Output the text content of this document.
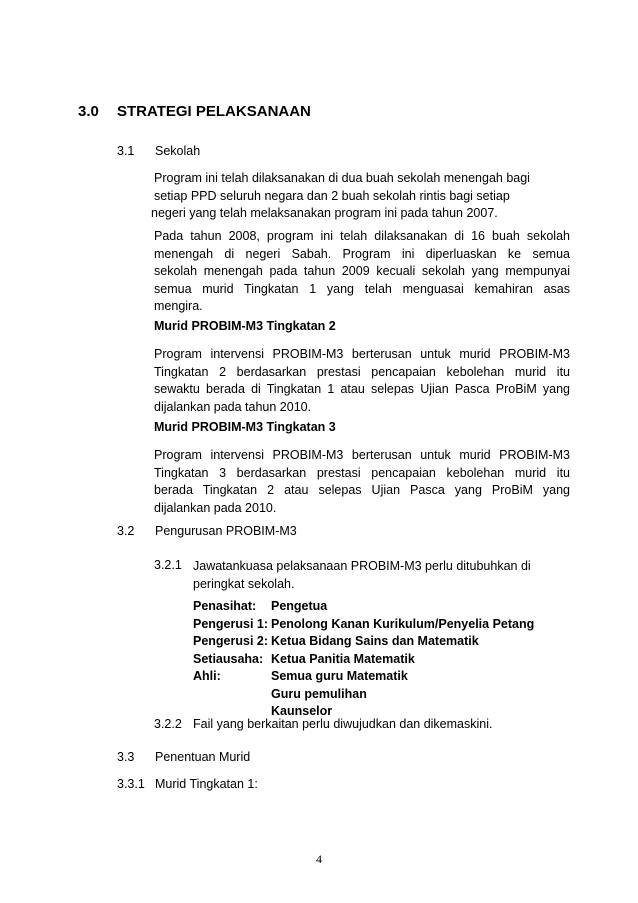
3.0 STRATEGI PELAKSANAAN
3.1 Sekolah
Program ini telah dilaksanakan di dua buah sekolah menengah bagi
setiap PPD seluruh negara dan 2 buah sekolah rintis bagi setiap
negeri yang telah melaksanakan program ini pada tahun 2007.
Pada tahun 2008, program ini telah dilaksanakan di 16 buah sekolah
menengah di negeri Sabah. Program ini diperluaskan ke semua
sekolah menengah pada tahun 2009 kecuali sekolah yang mempunyai
semua murid Tingkatan 1 yang telah menguasai kemahiran asas
mengira.
Murid PROBIM-M3 Tingkatan 2
Program intervensi PROBIM-M3 berterusan untuk murid PROBIM-M3
Tingkatan 2 berdasarkan prestasi pencapaian kebolehan murid itu
sewaktu berada di Tingkatan 1 atau selepas Ujian Pasca ProBiM yang
dijalankan pada tahun 2010.
Murid PROBIM-M3 Tingkatan 3
Program intervensi PROBIM-M3 berterusan untuk murid PROBIM-M3
Tingkatan 3 berdasarkan prestasi pencapaian kebolehan murid itu
berada Tingkatan 2 atau selepas Ujian Pasca yang ProBiM yang
dijalankan pada 2010.
3.2 Pengurusan PROBIM-M3
3.2.1 Jawatankuasa pelaksanaan PROBIM-M3 perlu ditubuhkan di
peringkat sekolah.
Penasihat: Pengetua
Pengerusi 1: Penolong Kanan Kurikulum/Penyelia Petang
Pengerusi 2: Ketua Bidang Sains dan Matematik
Setiausaha: Ketua Panitia Matematik
Ahli:	Semua guru Matematik
Guru pemulihan
Kaunselor
3.2.2 Fail yang berkaitan perlu diwujudkan dan dikemaskini.
3.3 Penentuan Murid
3.3.1 Murid Tingkatan 1:
4
